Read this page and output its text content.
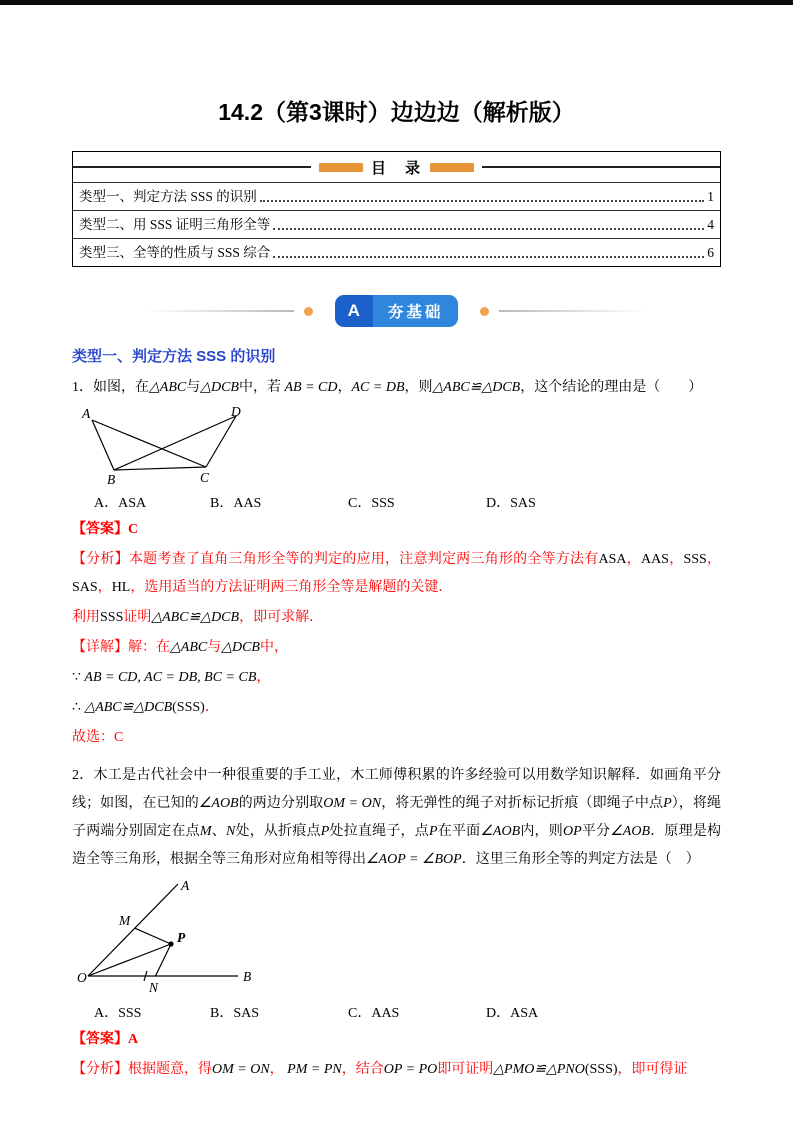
14.2（第3课时）边边边（解析版）
目　录
类型一、判定方法 SSS 的识别	1
类型二、用 SSS 证明三角形全等	4
类型三、全等的性质与 SSS 综合	6
A	夯基础
类型一、判定方法 SSS 的识别

1．如图，在△ABC与△DCB中，若 AB = CD，AC = DB，则△ABC≌△DCB，这个结论的理由是（　　）

A	D
B	C
A．ASA	B．AAS	C．SSS	D．SAS

【答案】C

【分析】本题考查了直角三角形全等的判定的应用，注意判定两三角形的全等方法有ASA，AAS，SSS，SAS，HL，选用适当的方法证明两三角形全等是解题的关键．

利用SSS证明△ABC≌△DCB，即可求解．

【详解】解：在△ABC与△DCB中，

∵ AB = CD, AC = DB, BC = CB，

∴ △ABC≌△DCB(SSS)．

故选：C

2．木工是古代社会中一种很重要的手工业，木工师傅积累的许多经验可以用数学知识解释．如画角平分线；如图，在已知的∠AOB的两边分别取OM = ON，将无弹性的绳子对折标记折痕（即绳子中点P），将绳子两端分别固定在点M、N处，从折痕点P处拉直绳子，点P在平面∠AOB内，则OP平分∠AOB．原理是构造全等三角形，根据全等三角形对应角相等得出∠AOP = ∠BOP．这里三角形全等的判定方法是（　）

A
M
P
O
N
B
A．SSS	B．SAS	C．AAS	D．ASA

【答案】A

【分析】根据题意，得OM = ON， PM = PN，结合OP = PO即可证明△PMO≌△PNO(SSS)，即可得证
